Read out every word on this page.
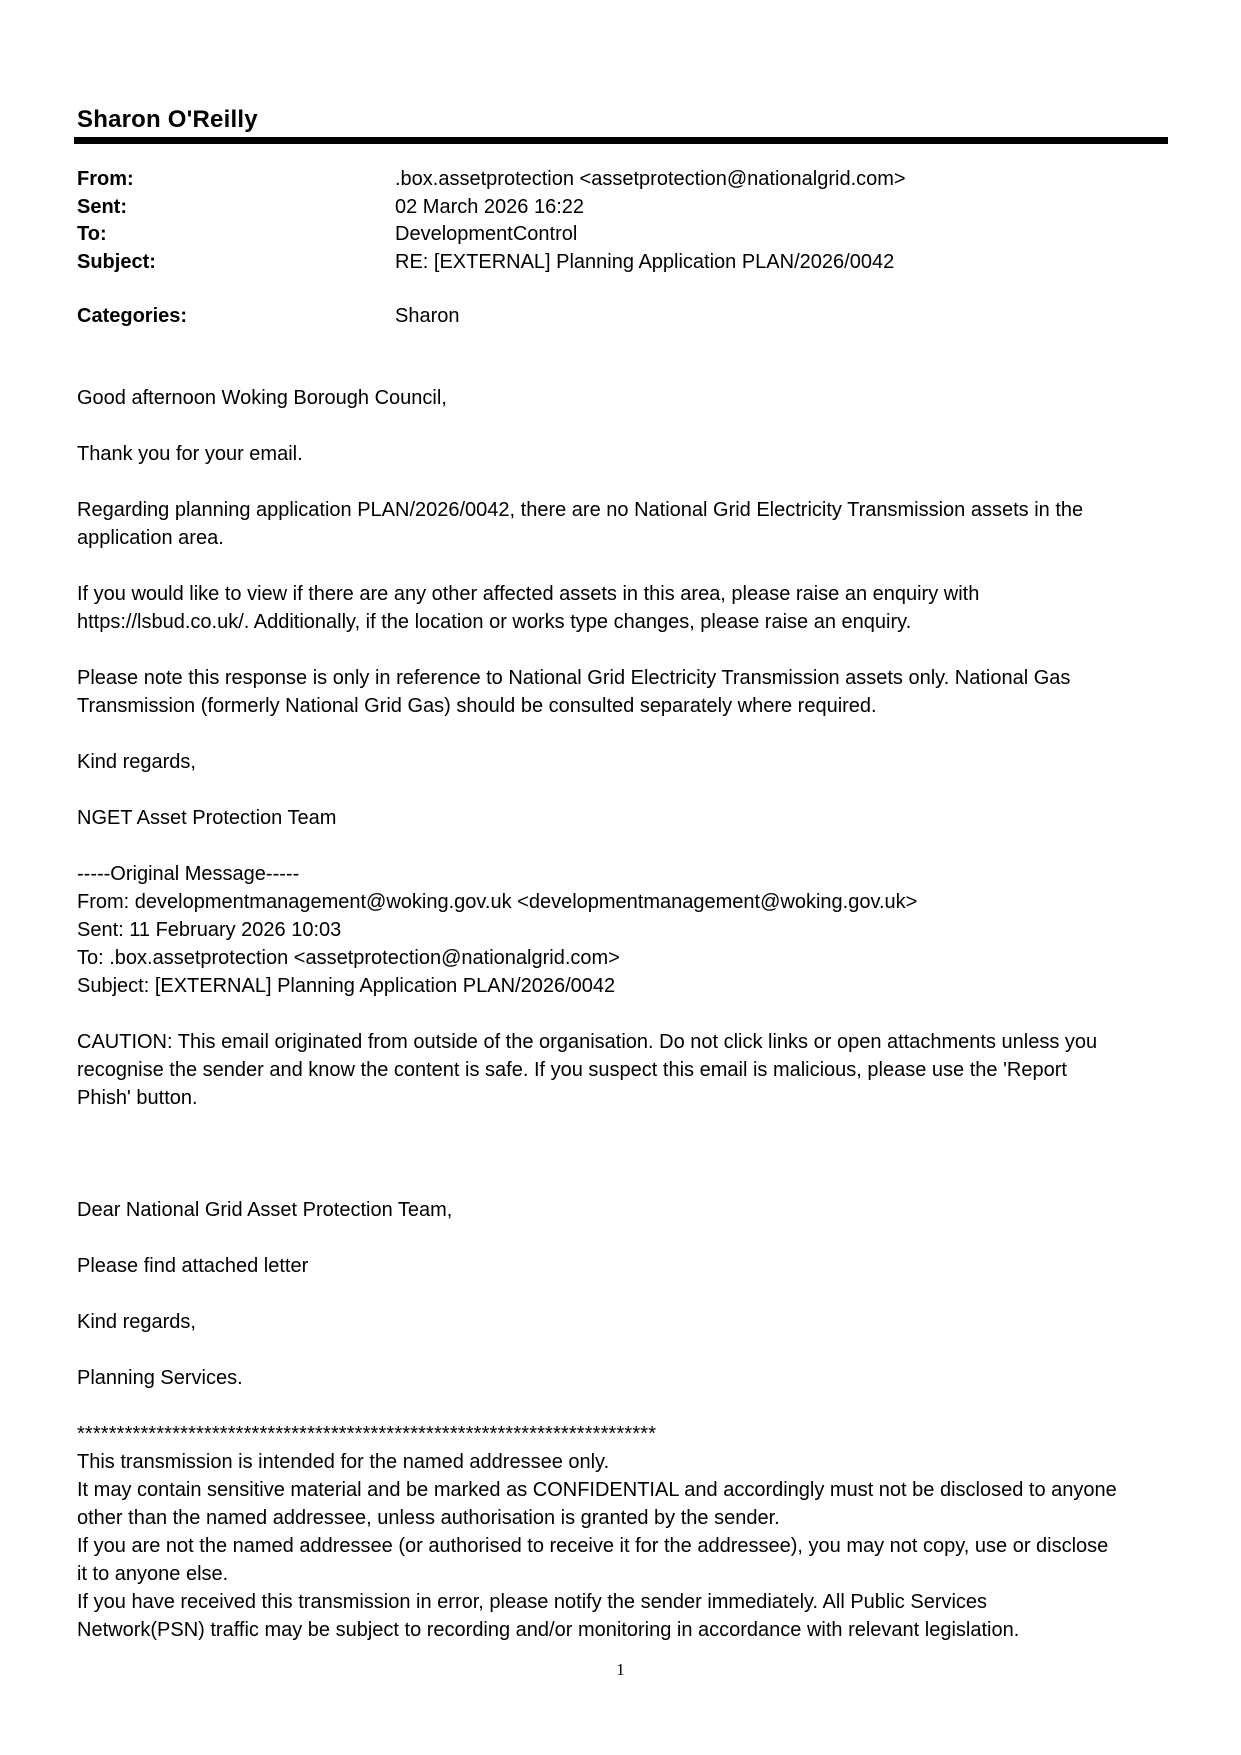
Sharon O'Reilly
From:	.box.assetprotection <assetprotection@nationalgrid.com>
Sent:	02 March 2026 16:22
To:	DevelopmentControl
Subject:	RE: [EXTERNAL] Planning Application PLAN/2026/0042
Categories:	Sharon

Good afternoon Woking Borough Council,

Thank you for your email.

Regarding planning application PLAN/2026/0042, there are no National Grid Electricity Transmission assets in the
application area.

If you would like to view if there are any other affected assets in this area, please raise an enquiry with
https://lsbud.co.uk/. Additionally, if the location or works type changes, please raise an enquiry.

Please note this response is only in reference to National Grid Electricity Transmission assets only. National Gas
Transmission (formerly National Grid Gas) should be consulted separately where required.

Kind regards,

NGET Asset Protection Team

-----Original Message-----
From: developmentmanagement@woking.gov.uk <developmentmanagement@woking.gov.uk>
Sent: 11 February 2026 10:03
To: .box.assetprotection <assetprotection@nationalgrid.com>
Subject: [EXTERNAL] Planning Application PLAN/2026/0042

CAUTION: This email originated from outside of the organisation. Do not click links or open attachments unless you
recognise the sender and know the content is safe. If you suspect this email is malicious, please use the 'Report
Phish' button.

Dear National Grid Asset Protection Team,

Please find attached letter

Kind regards,

Planning Services.

*************************************************************************
This transmission is intended for the named addressee only.
It may contain sensitive material and be marked as CONFIDENTIAL and accordingly must not be disclosed to anyone
other than the named addressee, unless authorisation is granted by the sender.
If you are not the named addressee (or authorised to receive it for the addressee), you may not copy, use or disclose
it to anyone else.
If you have received this transmission in error, please notify the sender immediately. All Public Services
Network(PSN) traffic may be subject to recording and/or monitoring in accordance with relevant legislation.
1
